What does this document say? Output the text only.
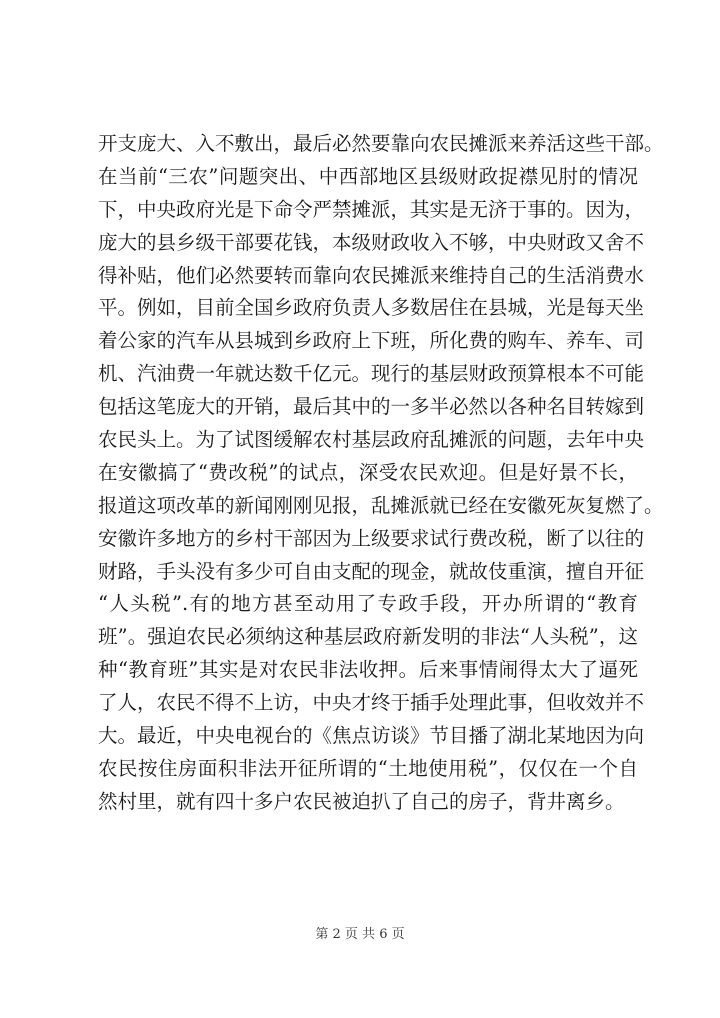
开支庞大、入不敷出，最后必然要靠向农民摊派来养活这些干部。
在当前“三农”问题突出、中西部地区县级财政捉襟见肘的情况
下，中央政府光是下命令严禁摊派，其实是无济于事的。因为，
庞大的县乡级干部要花钱，本级财政收入不够，中央财政又舍不
得补贴，他们必然要转而靠向农民摊派来维持自己的生活消费水
平。例如，目前全国乡政府负责人多数居住在县城，光是每天坐
着公家的汽车从县城到乡政府上下班，所化费的购车、养车、司
机、汽油费一年就达数千亿元。现行的基层财政预算根本不可能
包括这笔庞大的开销，最后其中的一多半必然以各种名目转嫁到
农民头上。为了试图缓解农村基层政府乱摊派的问题，去年中央
在安徽搞了“费改税”的试点，深受农民欢迎。但是好景不长，
报道这项改革的新闻刚刚见报，乱摊派就已经在安徽死灰复燃了。
安徽许多地方的乡村干部因为上级要求试行费改税，断了以往的
财路，手头没有多少可自由支配的现金，就故伎重演，擅自开征
“人头税”.有的地方甚至动用了专政手段，开办所谓的“教育
班”。强迫农民必须纳这种基层政府新发明的非法“人头税”，这
种“教育班”其实是对农民非法收押。后来事情闹得太大了逼死
了人，农民不得不上访，中央才终于插手处理此事，但收效并不
大。最近，中央电视台的《焦点访谈》节目播了湖北某地因为向
农民按住房面积非法开征所谓的“土地使用税”，仅仅在一个自
然村里，就有四十多户农民被迫扒了自己的房子，背井离乡。
第 2 页 共 6 页
